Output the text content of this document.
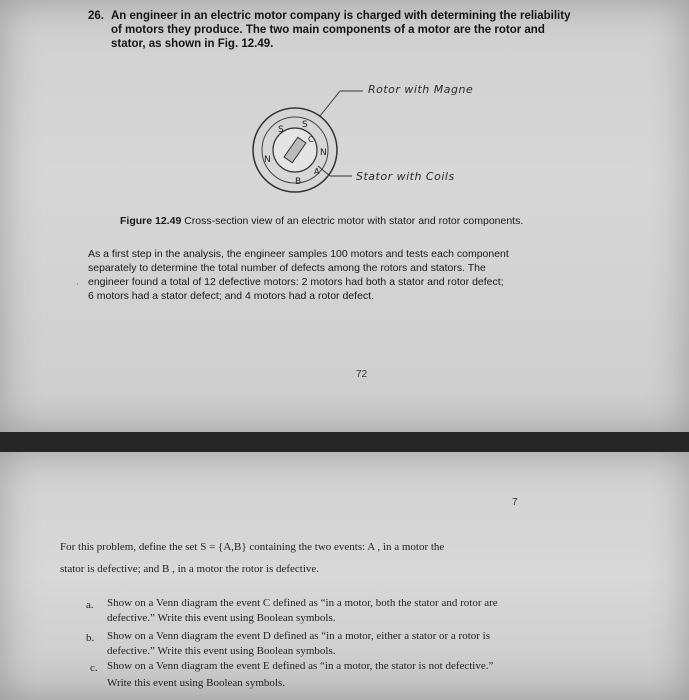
26. An engineer in an electric motor company is charged with determining the reliability
of motors they produce. The two main components of a motor are the rotor and
stator, as shown in Fig. 12.49.
S S
N
N
B
A
C
Rotor with Magne
Stator with Coils
Figure 12.49 Cross-section view of an electric motor with stator and rotor components.
As a first step in the analysis, the engineer samples 100 motors and tests each component
separately to determine the total number of defects among the rotors and stators. The
engineer found a total of 12 defective motors: 2 motors had both a stator and rotor defect;
6 motors had a stator defect; and 4 motors had a rotor defect.
·
72
7
For this problem, define the set S = {A,B} containing the two events: A , in a motor the
stator is defective; and B , in a motor the rotor is defective.
a. Show on a Venn diagram the event C defined as “in a motor, both the stator and rotor are
defective.” Write this event using Boolean symbols.
b. Show on a Venn diagram the event D defined as “in a motor, either a stator or a rotor is
defective.” Write this event using Boolean symbols.
c. Show on a Venn diagram the event E defined as “in a motor, the stator is not defective.”
Write this event using Boolean symbols.
